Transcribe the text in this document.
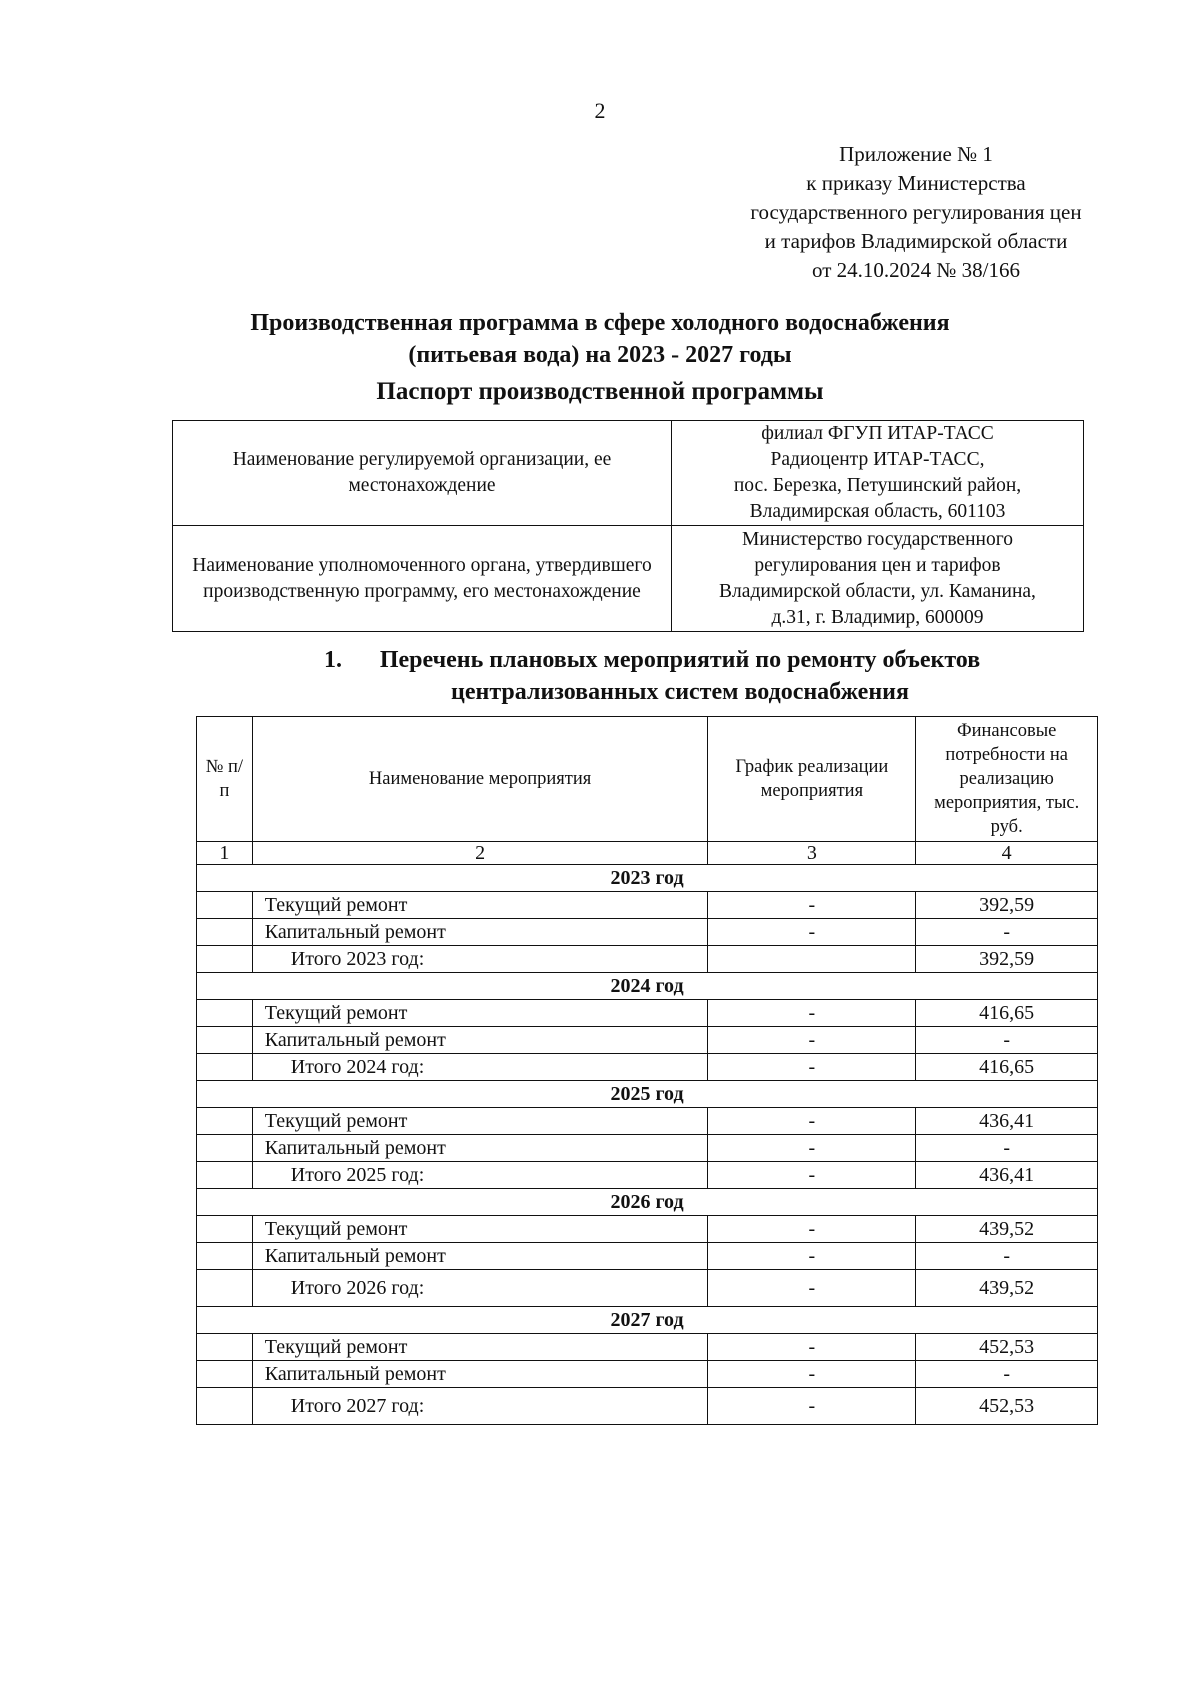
2
Приложение № 1
к приказу Министерства
государственного регулирования цен
и тарифов Владимирской области
от 24.10.2024 № 38/166
Производственная программа в сфере холодного водоснабжения
(питьевая вода) на 2023 - 2027 годы
Паспорт производственной программы
Наименование регулируемой организации, ее местонахождение	филиал ФГУП ИТАР-ТАСС
Радиоцентр ИТАР-ТАСС,
пос. Березка, Петушинский район,
Владимирская область, 601103

Наименование уполномоченного органа, утвердившего производственную программу, его местонахождение	Министерство государственного
регулирования цен и тарифов
Владимирской области, ул. Каманина,
д.31, г. Владимир, 600009
1.	Перечень плановых мероприятий по ремонту объектов
централизованных систем водоснабжения
№ п/п	Наименование мероприятия	График реализации мероприятия	Финансовые потребности на реализацию мероприятия, тыс. руб.
1	2	3	4
2023 год			
	Текущий ремонт	-	392,59
	Капитальный ремонт	-	-
	Итого 2023 год:		392,59
2024 год			
	Текущий ремонт	-	416,65
	Капитальный ремонт	-	-
	Итого 2024 год:	-	416,65
2025 год			
	Текущий ремонт	-	436,41
	Капитальный ремонт	-	-
	Итого 2025 год:	-	436,41
2026 год			
	Текущий ремонт	-	439,52
	Капитальный ремонт	-	-
	Итого 2026 год:	-	439,52
2027 год			
	Текущий ремонт	-	452,53
	Капитальный ремонт	-	-
	Итого 2027 год:	-	452,53
